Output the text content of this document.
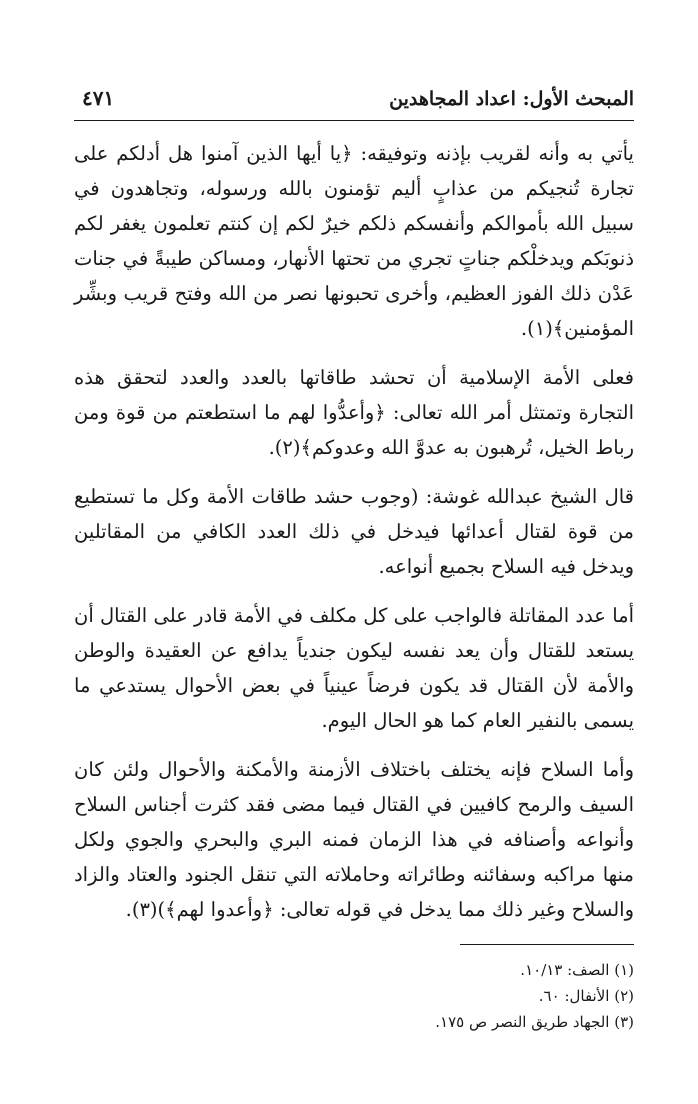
المبحث الأول: اعداد المجاهدين
٤٧١

يأتي به وأنه لقريب بإذنه وتوفيقه: ﴿يا أيها الذين آمنوا هل أدلكم على تجارة تُنجيكم من عذابٍ أليم تؤمنون بالله ورسوله، وتجاهدون في سبيل الله بأموالكم وأنفسكم ذلكم خيرٌ لكم إن كنتم تعلمون يغفر لكم ذنوبَكم ويدخلْكم جناتٍ تجري من تحتها الأنهار، ومساكن طيبةً في جنات عَدْن ذلك الفوز العظيم، وأخرى تحبونها نصر من الله وفتح قريب وبشِّر المؤمنين﴾(١).

فعلى الأمة الإسلامية أن تحشد طاقاتها بالعدد والعدد لتحقق هذه التجارة وتمتثل أمر الله تعالى: ﴿وأعدُّوا لهم ما استطعتم من قوة ومن رباط الخيل، تُرهبون به عدوَّ الله وعدوكم﴾(٢).

قال الشيخ عبدالله غوشة: (وجوب حشد طاقات الأمة وكل ما تستطيع من قوة لقتال أعدائها فيدخل في ذلك العدد الكافي من المقاتلين ويدخل فيه السلاح بجميع أنواعه.

أما عدد المقاتلة فالواجب على كل مكلف في الأمة قادر على القتال أن يستعد للقتال وأن يعد نفسه ليكون جندياً يدافع عن العقيدة والوطن والأمة لأن القتال قد يكون فرضاً عينياً في بعض الأحوال يستدعي ما يسمى بالنفير العام كما هو الحال اليوم.

وأما السلاح فإنه يختلف باختلاف الأزمنة والأمكنة والأحوال ولئن كان السيف والرمح كافيين في القتال فيما مضى فقد كثرت أجناس السلاح وأنواعه وأصنافه في هذا الزمان فمنه البري والبحري والجوي ولكل منها مراكبه وسفائنه وطائراته وحاملاته التي تنقل الجنود والعتاد والزاد والسلاح وغير ذلك مما يدخل في قوله تعالى: ﴿وأعدوا لهم﴾)(٣).

(١) الصف: ١٠/١٣.
(٢) الأنفال: ٦٠.
(٣) الجهاد طريق النصر ص ١٧٥.
